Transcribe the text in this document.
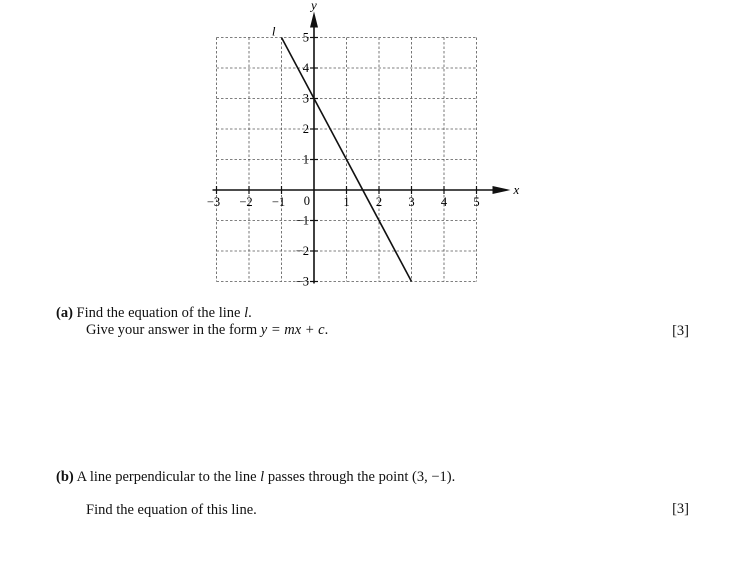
x
y
−3 −2 −1	1 2 3 4 5
−3
−2
−1
1
2
3
4
5
0
l
(a) Find the equation of the line l.
Give your answer in the form y = mx + c.	[3]
(b) A line perpendicular to the line l passes through the point (3, −1).
Find the equation of this line.	[3]
